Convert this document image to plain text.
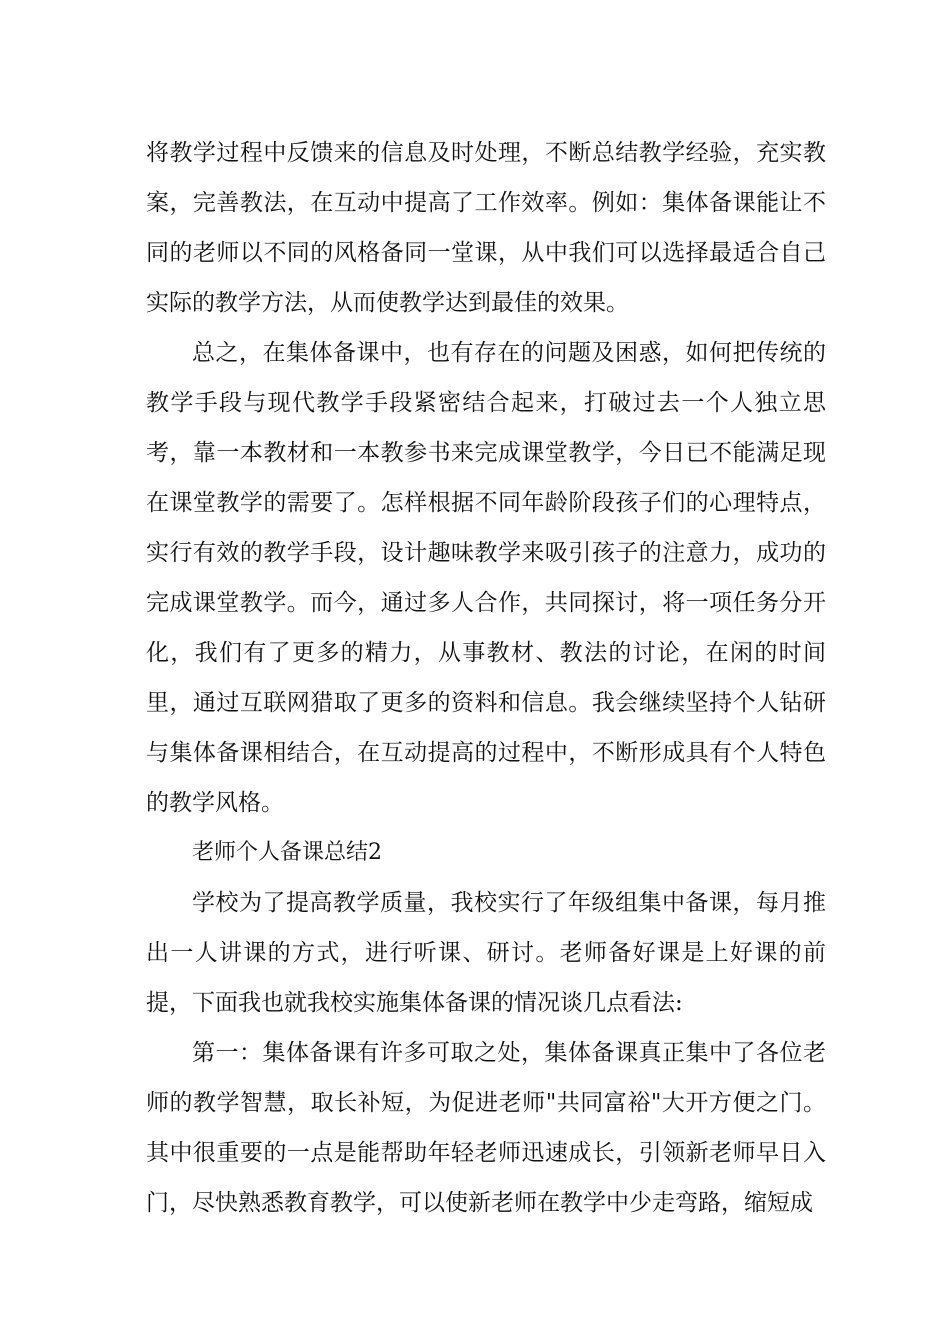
将教学过程中反馈来的信息及时处理，不断总结教学经验，充实教案，完善教法，在互动中提高了工作效率。例如：集体备课能让不同的老师以不同的风格备同一堂课，从中我们可以选择最适合自己实际的教学方法，从而使教学达到最佳的效果。

总之，在集体备课中，也有存在的问题及困惑，如何把传统的教学手段与现代教学手段紧密结合起来，打破过去一个人独立思考，靠一本教材和一本教参书来完成课堂教学，今日已不能满足现在课堂教学的需要了。怎样根据不同年龄阶段孩子们的心理特点，实行有效的教学手段，设计趣味教学来吸引孩子的注意力，成功的完成课堂教学。而今，通过多人合作，共同探讨，将一项任务分开化，我们有了更多的精力，从事教材、教法的讨论，在闲的时间里，通过互联网猎取了更多的资料和信息。我会继续坚持个人钻研与集体备课相结合，在互动提高的过程中，不断形成具有个人特色的教学风格。

老师个人备课总结2

学校为了提高教学质量，我校实行了年级组集中备课，每月推出一人讲课的方式，进行听课、研讨。老师备好课是上好课的前提，下面我也就我校实施集体备课的情况谈几点看法:

第一：集体备课有许多可取之处，集体备课真正集中了各位老师的教学智慧，取长补短，为促进老师"共同富裕"大开方便之门。其中很重要的一点是能帮助年轻老师迅速成长，引领新老师早日入门，尽快熟悉教育教学，可以使新老师在教学中少走弯路，缩短成
